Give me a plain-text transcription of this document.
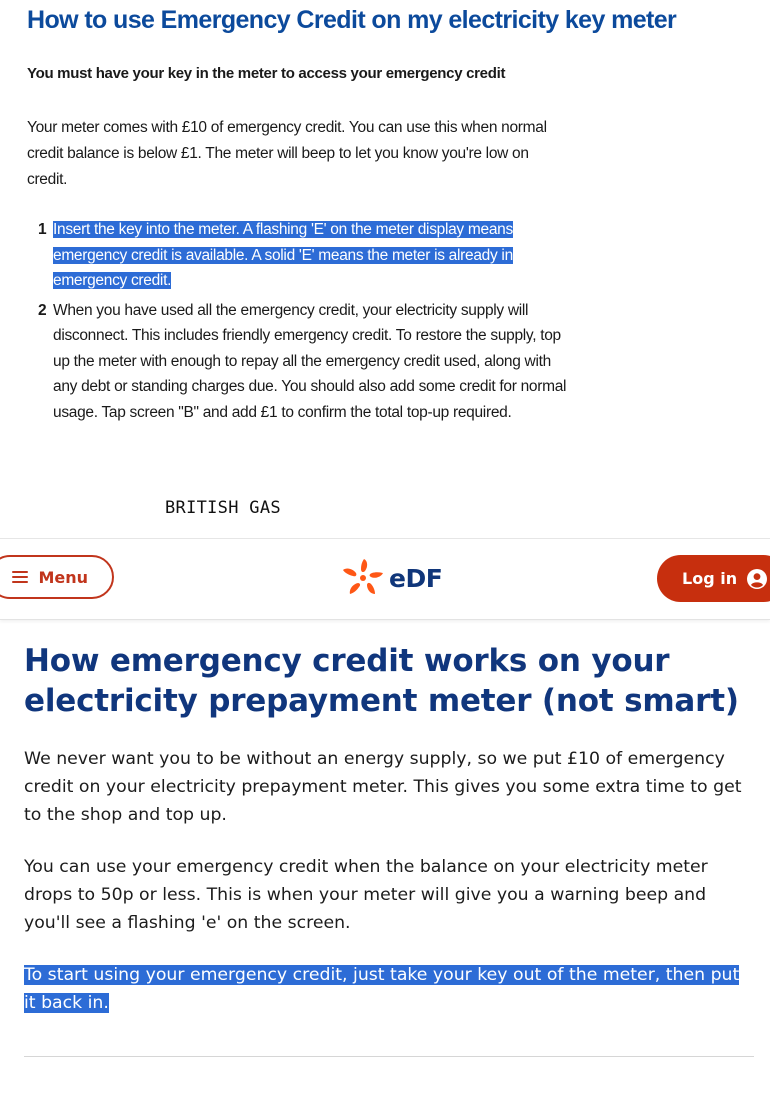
How to use Emergency Credit on my electricity key meter

You must have your key in the meter to access your emergency credit

Your meter comes with £10 of emergency credit. You can use this when normal credit balance is below £1. The meter will beep to let you know you're low on credit.

1 Insert the key into the meter. A flashing 'E' on the meter display means emergency credit is available. A solid 'E' means the meter is already in emergency credit.
2 When you have used all the emergency credit, your electricity supply will disconnect. This includes friendly emergency credit. To restore the supply, top up the meter with enough to repay all the emergency credit used, along with any debt or standing charges due. You should also add some credit for normal usage. Tap screen "B" and add £1 to confirm the total top-up required.

BRITISH GAS

Menu	eDF	Log in
How emergency credit works on your electricity prepayment meter (not smart)

We never want you to be without an energy supply, so we put £10 of emergency credit on your electricity prepayment meter. This gives you some extra time to get to the shop and top up.

You can use your emergency credit when the balance on your electricity meter drops to 50p or less. This is when your meter will give you a warning beep and you'll see a flashing 'e' on the screen.

To start using your emergency credit, just take your key out of the meter, then put it back in.
